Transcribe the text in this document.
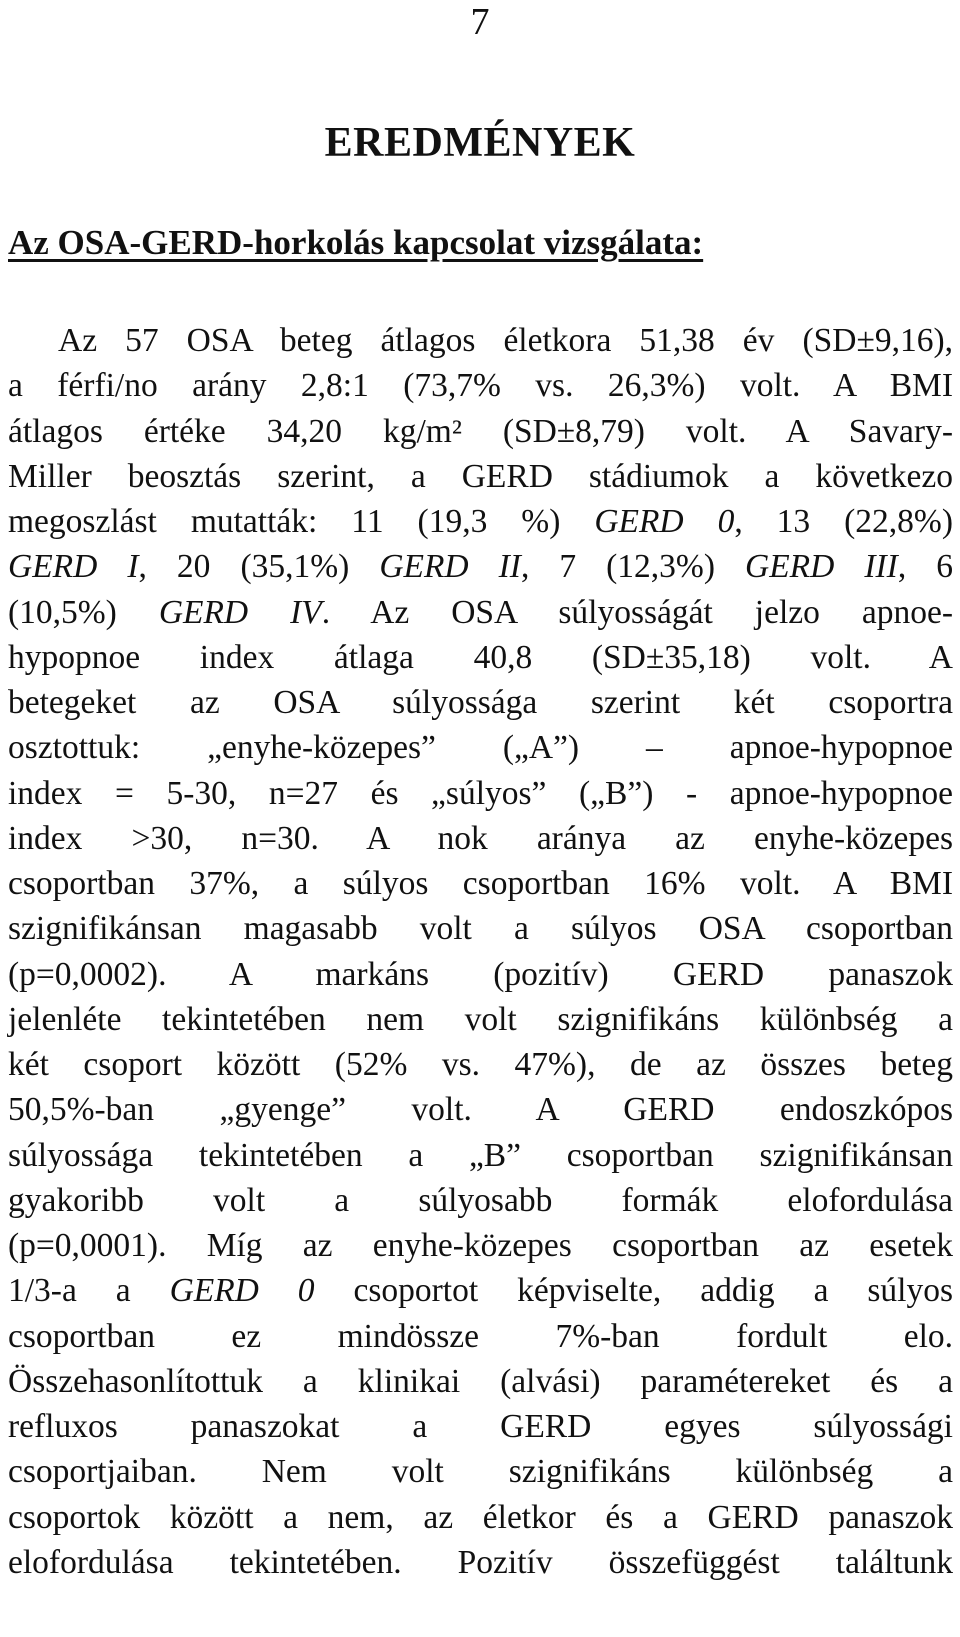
7
EREDMÉNYEK
Az OSA-GERD-horkolás kapcsolat vizsgálata:
Az 57 OSA beteg átlagos életkora 51,38 év (SD±9,16),
a férfi/no arány 2,8:1 (73,7% vs. 26,3%) volt. A BMI
átlagos értéke 34,20 kg/m² (SD±8,79) volt. A Savary-
Miller beosztás szerint, a GERD stádiumok a következo
megoszlást mutatták: 11 (19,3 %) GERD 0, 13 (22,8%)
GERD I, 20 (35,1%) GERD II, 7 (12,3%) GERD III, 6
(10,5%) GERD IV. Az OSA súlyosságát jelzo apnoe-
hypopnoe index átlaga 40,8 (SD±35,18) volt. A
betegeket az OSA súlyossága szerint két csoportra
osztottuk: „enyhe-közepes” („A”) – apnoe-hypopnoe
index = 5-30, n=27 és „súlyos” („B”) - apnoe-hypopnoe
index >30, n=30. A nok aránya az enyhe-közepes
csoportban 37%, a súlyos csoportban 16% volt. A BMI
szignifikánsan magasabb volt a súlyos OSA csoportban
(p=0,0002). A markáns (pozitív) GERD panaszok
jelenléte tekintetében nem volt szignifikáns különbség a
két csoport között (52% vs. 47%), de az összes beteg
50,5%-ban „gyenge” volt. A GERD endoszkópos
súlyossága tekintetében a „B” csoportban szignifikánsan
gyakoribb volt a súlyosabb formák elofordulása
(p=0,0001). Míg az enyhe-közepes csoportban az esetek
1/3-a a GERD 0 csoportot képviselte, addig a súlyos
csoportban ez mindössze 7%-ban fordult elo.
Összehasonlítottuk a klinikai (alvási) paramétereket és a
refluxos panaszokat a GERD egyes súlyossági
csoportjaiban. Nem volt szignifikáns különbség a
csoportok között a nem, az életkor és a GERD panaszok
elofordulása tekintetében. Pozitív összefüggést találtunk
